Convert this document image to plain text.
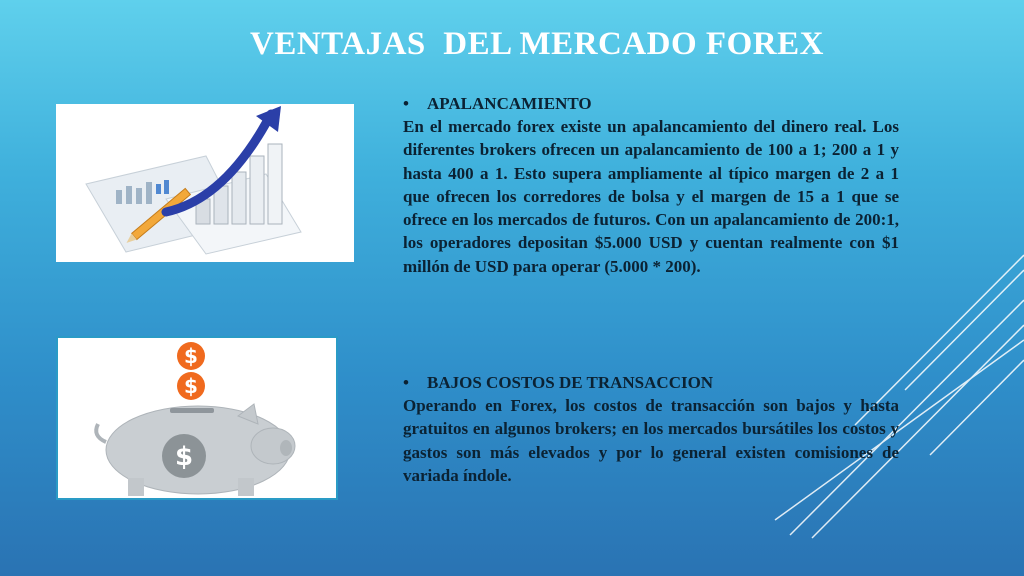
VENTAJAS  DEL MERCADO FOREX
$
$
$
• APALANCAMIENTO

En el mercado forex existe un apalancamiento del dinero real. Los diferentes brokers ofrecen un apalancamiento de 100 a 1; 200 a 1 y hasta 400 a 1. Esto supera ampliamente al típico margen de 2 a 1 que ofrecen los corredores de bolsa y el margen de 15 a 1 que se ofrece en los mercados de futuros. Con un apalancamiento de 200:1, los operadores depositan $5.000 USD y cuentan realmente con $1 millón de USD para operar (5.000 * 200).

• BAJOS COSTOS DE TRANSACCION

Operando en Forex, los costos de transacción son bajos y hasta gratuitos en algunos brokers; en los mercados bursátiles los costos y gastos son más elevados y por lo general existen comisiones de variada índole.
